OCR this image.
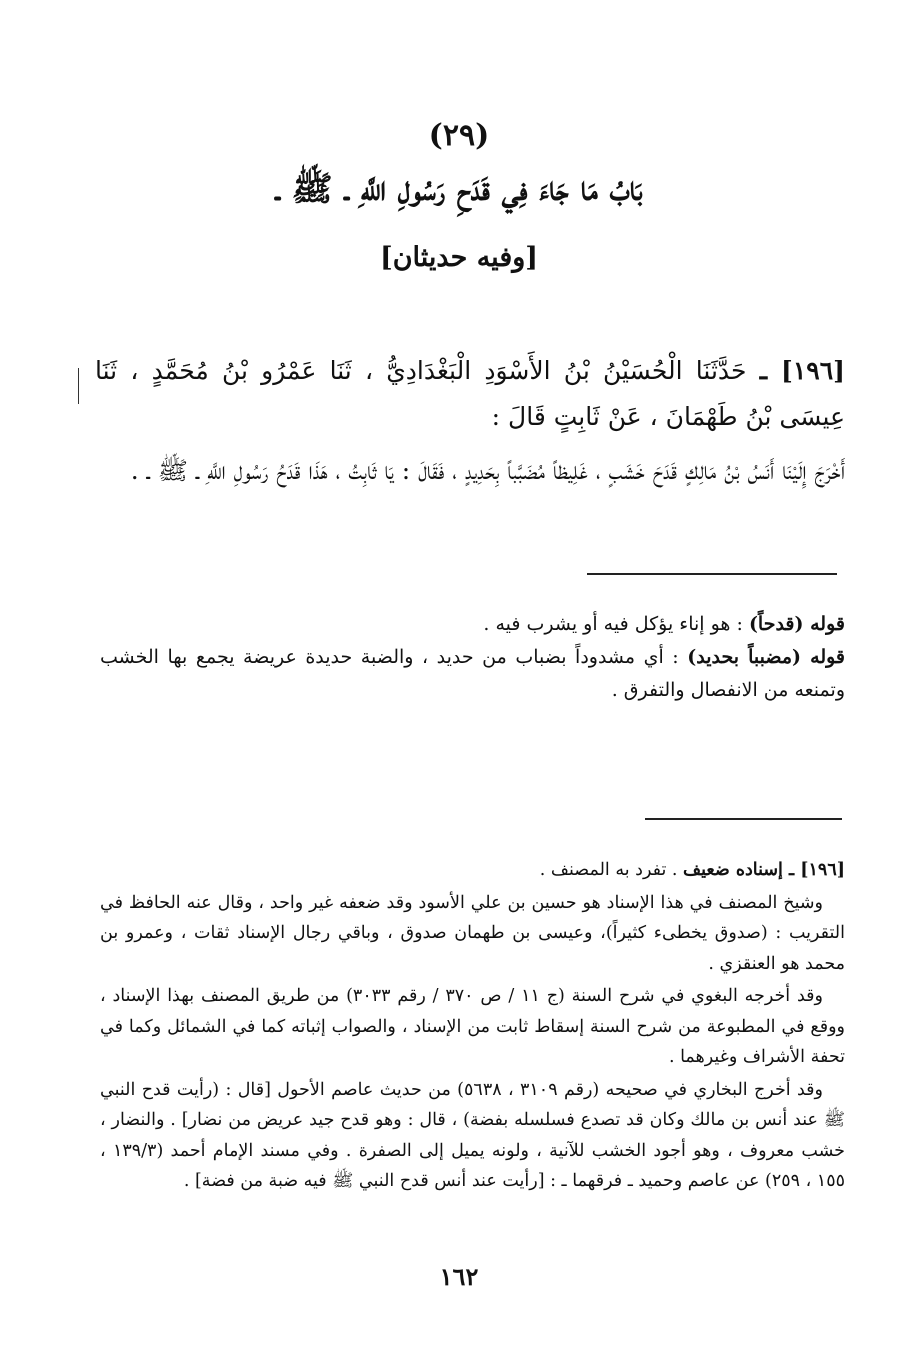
(٢٩)
بَابُ مَا جَاءَ فِي قَدَحِ رَسُولِ اللَّهِ ـ ﷺ ـ
[وفيه حديثان]

[١٩٦] ـ حَدَّثَنَا الْحُسَيْنُ بْنُ الأَسْوَدِ الْبَغْدَادِيُّ ، ثَنَا عَمْرُو بْنُ مُحَمَّدٍ ، ثَنَا عِيسَى بْنُ طَهْمَانَ ، عَنْ ثَابِتٍ قَالَ :

أَخْرَجَ إِلَيْنَا أَنَسُ بْنُ مَالِكٍ قَدَحَ خَشَبٍ ، غَلِيظاً مُضَبَّباً بِحَدِيدٍ ، فَقَالَ : يَا ثَابِتُ ، هَذَا قَدَحُ رَسُولِ اللَّهِ ـ ﷺ ـ .

قوله (قدحاً) : هو إناء يؤكل فيه أو يشرب فيه .

قوله (مضبباً بحديد) : أي مشدوداً بضباب من حديد ، والضبة حديدة عريضة يجمع بها الخشب وتمنعه من الانفصال والتفرق .

[١٩٦] ـ إسناده ضعيف . تفرد به المصنف .

وشيخ المصنف في هذا الإسناد هو حسين بن علي الأسود وقد ضعفه غير واحد ، وقال عنه الحافظ في التقريب : (صدوق يخطىء كثيراً)، وعيسى بن طهمان صدوق ، وباقي رجال الإسناد ثقات ، وعمرو بن محمد هو العنقزي .

وقد أخرجه البغوي في شرح السنة (ج ١١ / ص ٣٧٠ / رقم ٣٠٣٣) من طريق المصنف بهذا الإسناد ، ووقع في المطبوعة من شرح السنة إسقاط ثابت من الإسناد ، والصواب إثباته كما في الشمائل وكما في تحفة الأشراف وغيرهما .

وقد أخرج البخاري في صحيحه (رقم ٣١٠٩ ، ٥٦٣٨) من حديث عاصم الأحول [قال : (رأيت قدح النبي ﷺ عند أنس بن مالك وكان قد تصدع فسلسله بفضة) ، قال : وهو قدح جيد عريض من نضار] . والنضار ، خشب معروف ، وهو أجود الخشب للآنية ، ولونه يميل إلى الصفرة . وفي مسند الإمام أحمد (١٣٩/٣ ، ١٥٥ ، ٢٥٩) عن عاصم وحميد ـ فرقهما ـ : [رأيت عند أنس قدح النبي ﷺ فيه ضبة من فضة] .

١٦٢
